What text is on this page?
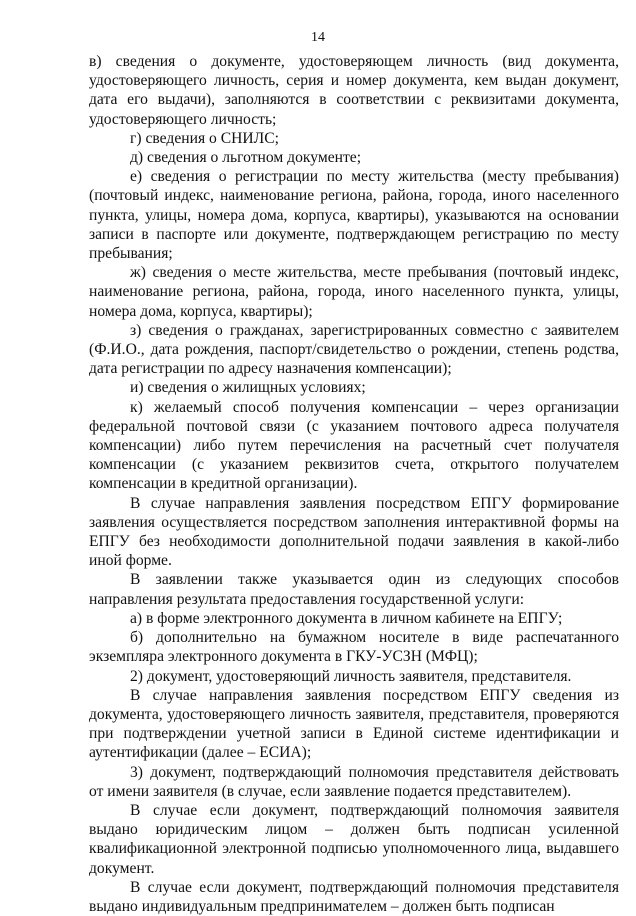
14

в) сведения о документе, удостоверяющем личность (вид документа, удостоверяющего личность, серия и номер документа, кем выдан документ, дата его выдачи), заполняются в соответствии с реквизитами документа, удостоверяющего личность;

г) сведения о СНИЛС;

д) сведения о льготном документе;

е) сведения о регистрации по месту жительства (месту пребывания) (почтовый индекс, наименование региона, района, города, иного населенного пункта, улицы, номера дома, корпуса, квартиры), указываются на основании записи в паспорте или документе, подтверждающем регистрацию по месту пребывания;

ж) сведения о месте жительства, месте пребывания (почтовый индекс, наименование региона, района, города, иного населенного пункта, улицы, номера дома, корпуса, квартиры);

з) сведения о гражданах, зарегистрированных совместно с заявителем (Ф.И.О., дата рождения, паспорт/свидетельство о рождении, степень родства, дата регистрации по адресу назначения компенсации);

и) сведения о жилищных условиях;

к) желаемый способ получения компенсации – через организации федеральной почтовой связи (с указанием почтового адреса получателя компенсации) либо путем перечисления на расчетный счет получателя компенсации (с указанием реквизитов счета, открытого получателем компенсации в кредитной организации).

В случае направления заявления посредством ЕПГУ формирование заявления осуществляется посредством заполнения интерактивной формы на ЕПГУ без необходимости дополнительной подачи заявления в какой-либо иной форме.

В заявлении также указывается один из следующих способов направления результата предоставления государственной услуги:

а) в форме электронного документа в личном кабинете на ЕПГУ;

б) дополнительно на бумажном носителе в виде распечатанного экземпляра электронного документа в ГКУ-УСЗН (МФЦ);

2) документ, удостоверяющий личность заявителя, представителя.

В случае направления заявления посредством ЕПГУ сведения из документа, удостоверяющего личность заявителя, представителя, проверяются при подтверждении учетной записи в Единой системе идентификации и аутентификации (далее – ЕСИА);

3) документ, подтверждающий полномочия представителя действовать от имени заявителя (в случае, если заявление подается представителем).

В случае если документ, подтверждающий полномочия заявителя выдано юридическим лицом – должен быть подписан усиленной квалификационной электронной подписью уполномоченного лица, выдавшего документ.

В случае если документ, подтверждающий полномочия представителя выдано индивидуальным предпринимателем – должен быть подписан
